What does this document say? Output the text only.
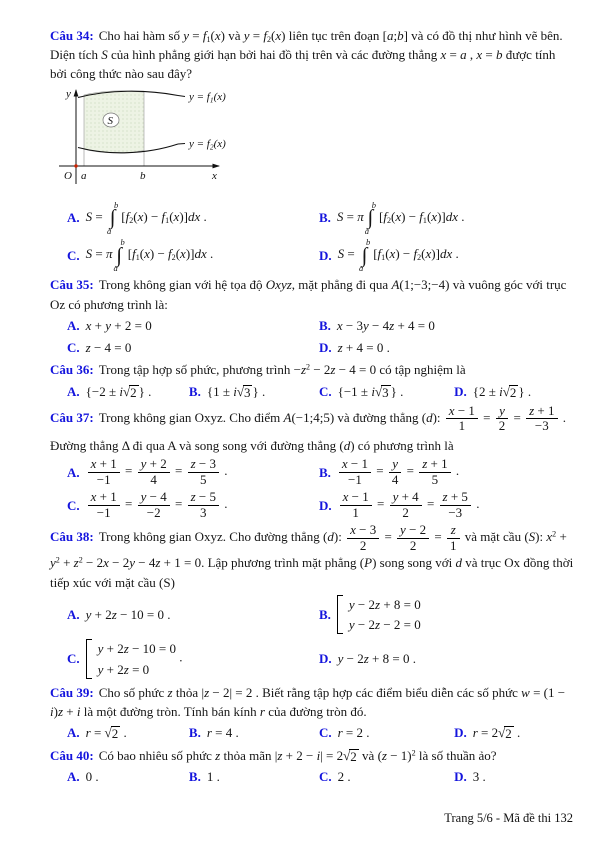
Câu 34: Cho hai hàm số $y = f_1(x)$ và $y = f_2(x)$ liên tục trên đoạn [a;b] và có đồ thị như hình vẽ bên. Diện tích S của hình phẳng giới hạn bởi hai đồ thị trên và các đường thẳng x = a , x = b được tính bởi công thức nào sau đây?

S
y
x
O a	b
$y = f_1(x)$
$y = f_2(x)$
A. S =
b
∫
a
$[f_2(x) - f_1(x)]dx$ .	B. S = π
b
∫
a
$[f_2(x) - f_1(x)]dx$ .
C. S = π
b
∫
a
$[f_1(x) - f_2(x)]dx$ .	D. S =
b
∫
a
$[f_1(x) - f_2(x)]dx$ .

Câu 35: Trong không gian với hệ tọa độ Oxyz, mặt phẳng đi qua A(1;−3;−4) và vuông góc với trục Oz có phương trình là:

A. x + y + 2 = 0	B. x − 3y − 4z + 4 = 0
C. z − 4 = 0	D. z + 4 = 0 .

Câu 36: Trong tập hợp số phức, phương trình $-z^2 - 2z - 4 = 0$ có tập nghiệm là

A. {−2 ± i √ 2 } .	B. {1 ± i √ 3 } .	C. {−1 ± i √ 3 } .	D. {2 ± i √ 2 } .

Câu 37: Trong không gian Oxyz. Cho điểm A(−1;4;5) và đường thẳng (d): $\frac{x - 1}{1} = \frac{y}{2} = \frac{z + 1}{-3}$ .

Đường thẳng Δ đi qua A và song song với đường thẳng (d) có phương trình là

A. $\frac{x + 1}{-1} = \frac{y + 2}{4} = \frac{z - 3}{5}$ .	B. $\frac{x - 1}{-1} = \frac{y}{4} = \frac{z + 1}{5}$ .
C. $\frac{x + 1}{-1} = \frac{y - 4}{-2} = \frac{z - 5}{3}$ .	D. $\frac{x - 1}{1} = \frac{y + 4}{2} = \frac{z + 5}{-3}$ .

Câu 38: Trong không gian Oxyz. Cho đường thẳng (d): $\frac{x - 3}{2} = \frac{y - 2}{2} = \frac{z}{1}$ và mặt cầu (S): $x^2 + y^2 + z^2 - 2x - 2y - 4z + 1 = 0$. Lập phương trình mặt phẳng (P) song song với d và trục Ox đồng thời tiếp xúc với mặt cầu (S)

A. y + 2z − 10 = 0 .	B.
y − 2z + 8 = 0
y − 2z − 2 = 0
C.
y + 2z − 10 = 0
y + 2z = 0
.	D. y − 2z + 8 = 0 .

Câu 39: Cho số phức z thỏa |z − 2| = 2 . Biết rằng tập hợp các điểm biểu diễn các số phức w = (1 − i)z + i là một đường tròn. Tính bán kính r của đường tròn đó.

A. r = √ 2 .	B. r = 4 .	C. r = 2 .	D. r = 2 √ 2 .

Câu 40: Có bao nhiêu số phức z thỏa mãn |z + 2 − i| = 2 √ 2 và $(z - 1)^2$ là số thuần ảo?

A. 0 .	B. 1 .	C. 2 .	D. 3 .
Trang 5/6 - Mã đề thi 132
